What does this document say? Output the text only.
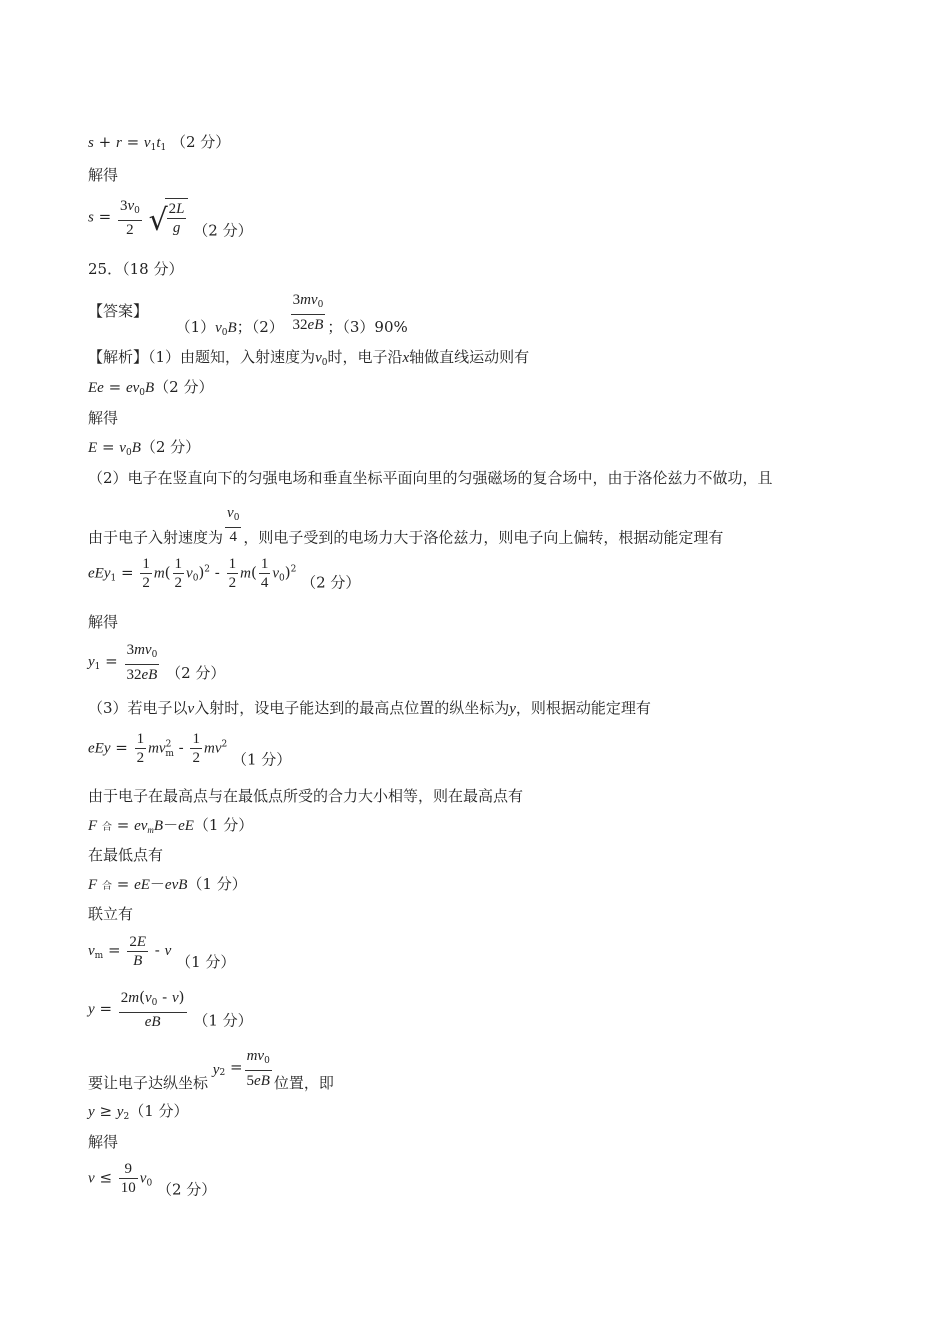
$s + r = v_1t_1$ （2 分）
解得
$s = \frac{3v_0}{2}$
√
$\frac{2L}{g} (2$ 分）
25．（18 分）
【答案】  $(1)v_0B$；$(2) \frac{3mv_0}{32eB}$ ；（3）90%
【解析】（1）由题知，入射速度为$v_0$时，电子沿x轴做直线运动则有
$Ee = ev_0B(2$ 分）
解得
$E = v_0B(2$ 分）
（2）电子在竖直向下的匀强电场和垂直坐标平面向里的匀强磁场的复合场中，由于洛伦兹力不做功，且
由于电子入射速度为 $\frac{v_0}{4}$ ，则电子受到的电场力大于洛伦兹力，则电子向上偏转，根据动能定理有
$eEy_1 = \frac{1}{2} m( \frac{1}{2} v_0)^2 - \frac{1}{2} m( \frac{1}{4} v_0)^2$ （2 分）
解得
$y_1 = \frac{3mv_0}{32eB} (2$ 分）
（3）若电子以v入射时，设电子能达到的最高点位置的纵坐标为y，则根据动能定理有
eEy = $\frac{1}{2} mv^2_m - \frac{1}{2} mv^2$ （1 分）
由于电子在最高点与在最低点所受的合力大小相等，则在最高点有
F 合 = $ev_mB-eE(1$ 分）
在最低点有
F 合 = eE－evB（1 分）
联立有
$v_m = \frac{2E}{B} - v$ （1 分）
$y = \frac{2m(v_0 - v)}{eB} (1$ 分）
要让电子达纵坐标 $y_2 = \frac{mv_0}{5eB}$ 位置，即
$y \ge y_2(1$ 分）
解得
$v \le \frac{9}{10} v_0$ （2 分）
